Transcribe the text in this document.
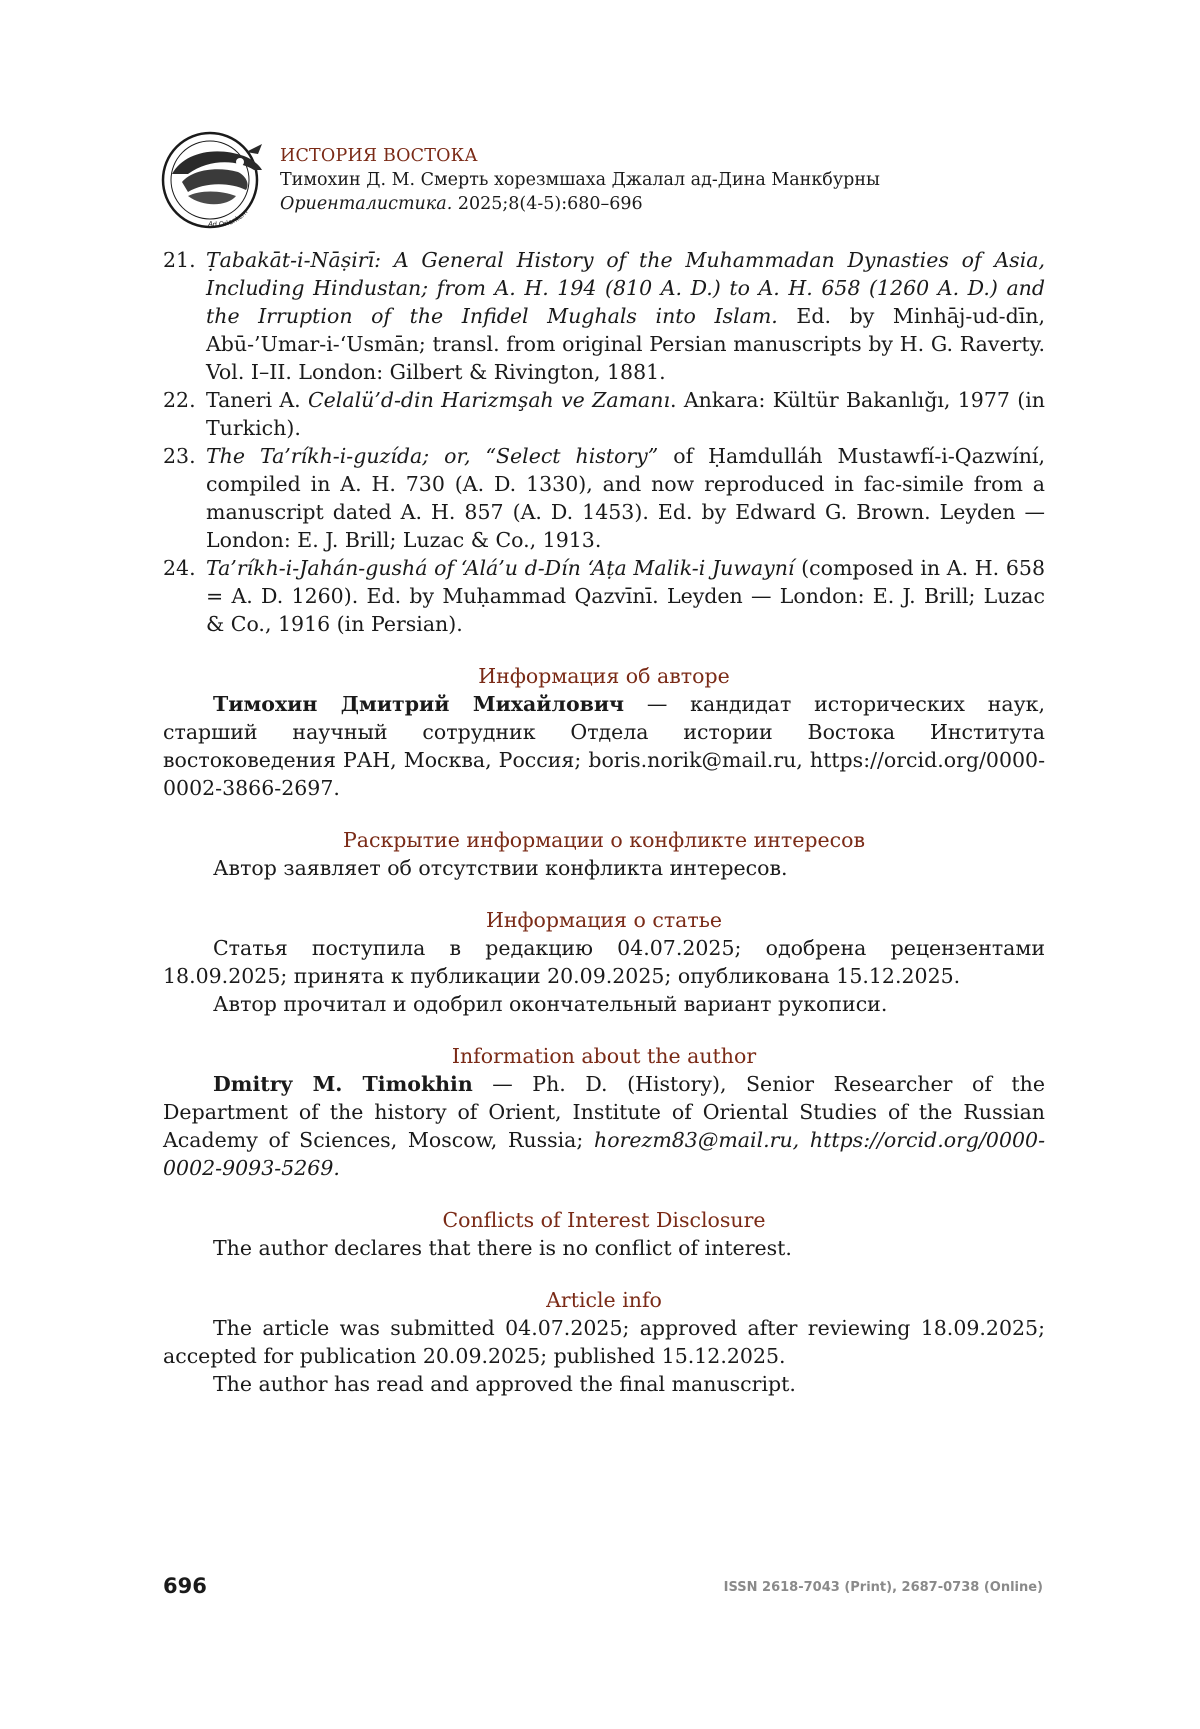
Ad Orientem
ИСТОРИЯ ВОСТОКА
Тимохин Д. М. Смерть хорезмшаха Джалал ад-Дина Манкбурны
Ориенталистика. 2025;8(4-5):680–696
21. Ṭabakāt-i-Nāṣirī: A General History of the Muhammadan Dynasties of Asia, Including Hindustan; from A. H. 194 (810 A. D.) to A. H. 658 (1260 A. D.) and the Irruption of the Infidel Mughals into Islam. Ed. by Minhāj-ud-dīn, Abū-’Umar-i-‘Usmān; transl. from original Persian manuscripts by H. G. Raverty. Vol. I–II. London: Gilbert & Rivington, 1881.
22. Taneri A. Celalü’d-din Harizmşah ve Zamanı. Ankara: Kültür Bakanlığı, 1977 (in Turkich).
23. The Ta’ríkh-i-guzída; or, “Select history” of Ḥamdulláh Mustawfí-i-Qazwíní, compiled in A. H. 730 (A. D. 1330), and now reproduced in fac-simile from a manuscript dated A. H. 857 (A. D. 1453). Ed. by Edward G. Brown. Leyden — London: E. J. Brill; Luzac & Co., 1913.
24. Ta’ríkh-i-Jahán-gushá of ‘Alá’u d-Dín ‘Aṭa Malik-i Juwayní (composed in A. H. 658 = A. D. 1260). Ed. by Muḥammad Qazvīnī. Leyden — London: E. J. Brill; Luzac & Co., 1916 (in Persian).
Информация об авторе

Тимохин Дмитрий Михайлович — кандидат исторических наук, старший научный сотрудник Отдела истории Востока Института востоковедения РАН, Москва, Россия; boris.norik@mail.ru, https://orcid.org/0000-0002-3866-2697.

Раскрытие информации о конфликте интересов

Автор заявляет об отсутствии конфликта интересов.

Информация о статье

Статья поступила в редакцию 04.07.2025; одобрена рецензентами 18.09.2025; принята к публикации 20.09.2025; опубликована 15.12.2025.

Автор прочитал и одобрил окончательный вариант рукописи.

Information about the author

Dmitry M. Timokhin — Ph. D. (History), Senior Researcher of the Department of the history of Orient, Institute of Oriental Studies of the Russian Academy of Sciences, Moscow, Russia; horezm83@mail.ru, https://orcid.org/0000-0002-9093-5269.

Conflicts of Interest Disclosure

The author declares that there is no conflict of interest.

Article info

The article was submitted 04.07.2025; approved after reviewing 18.09.2025; accepted for publication 20.09.2025; published 15.12.2025.

The author has read and approved the final manuscript.

696	ISSN 2618-7043 (Print), 2687-0738 (Online)
